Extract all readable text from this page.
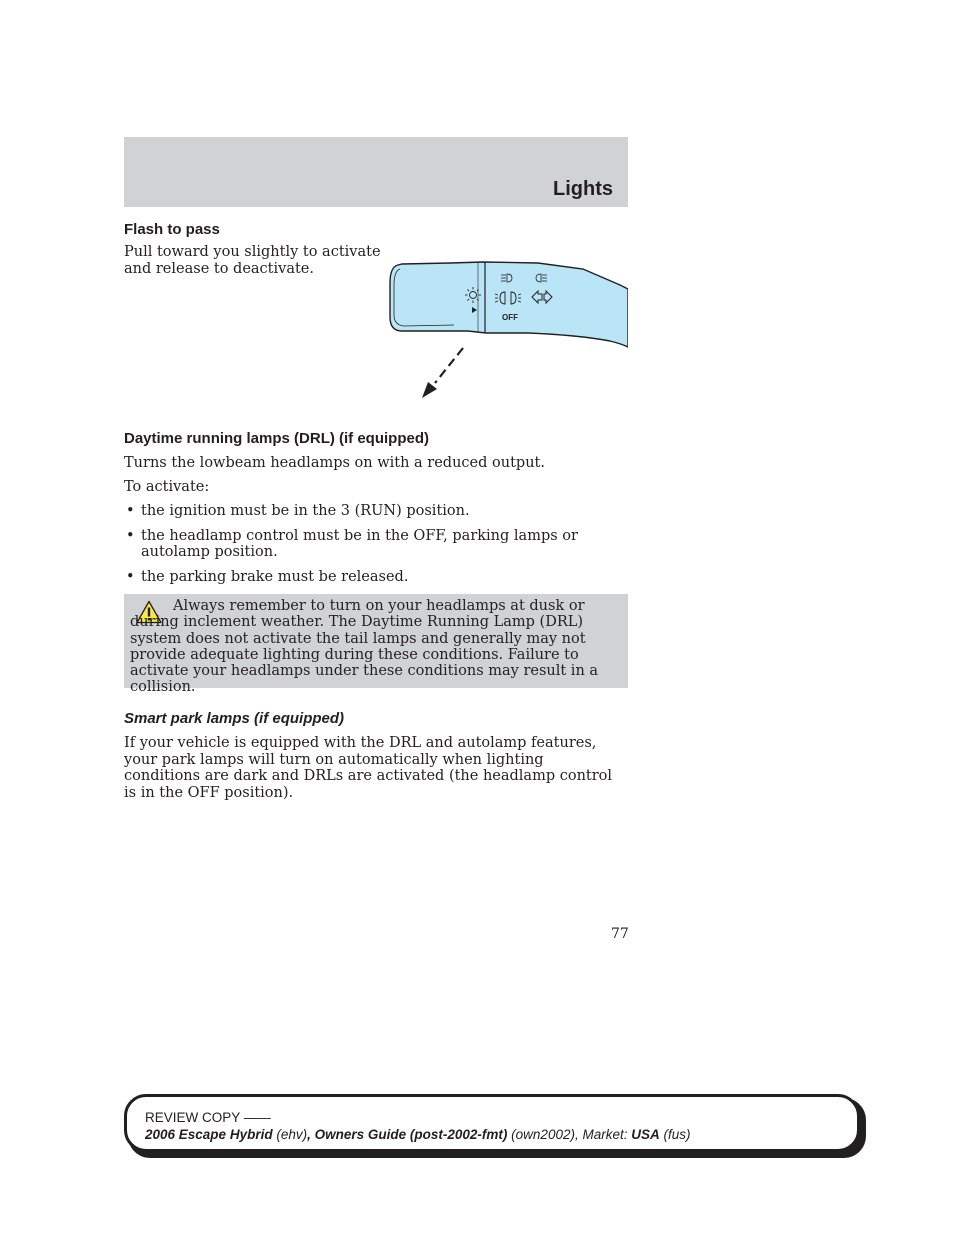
Lights
Flash to pass

Pull toward you slightly to activate

and release to deactivate.

OFF
Daytime running lamps (DRL) (if equipped)

Turns the lowbeam headlamps on with a reduced output.

To activate:

• the ignition must be in the 3 (RUN) position.
• the headlamp control must be in the OFF, parking lamps or autolamp position.
• the parking brake must be released.

Always remember to turn on your headlamps at dusk or during inclement weather. The Daytime Running Lamp (DRL) system does not activate the tail lamps and generally may not provide adequate lighting during these conditions. Failure to activate your headlamps under these conditions may result in a collision.

Smart park lamps (if equipped)

If your vehicle is equipped with the DRL and autolamp features, your park lamps will turn on automatically when lighting conditions are dark and DRLs are activated (the headlamp control is in the OFF position).

77

REVIEW COPY ——
2006 Escape Hybrid (ehv), Owners Guide (post-2002-fmt) (own2002), Market: USA (fus)
